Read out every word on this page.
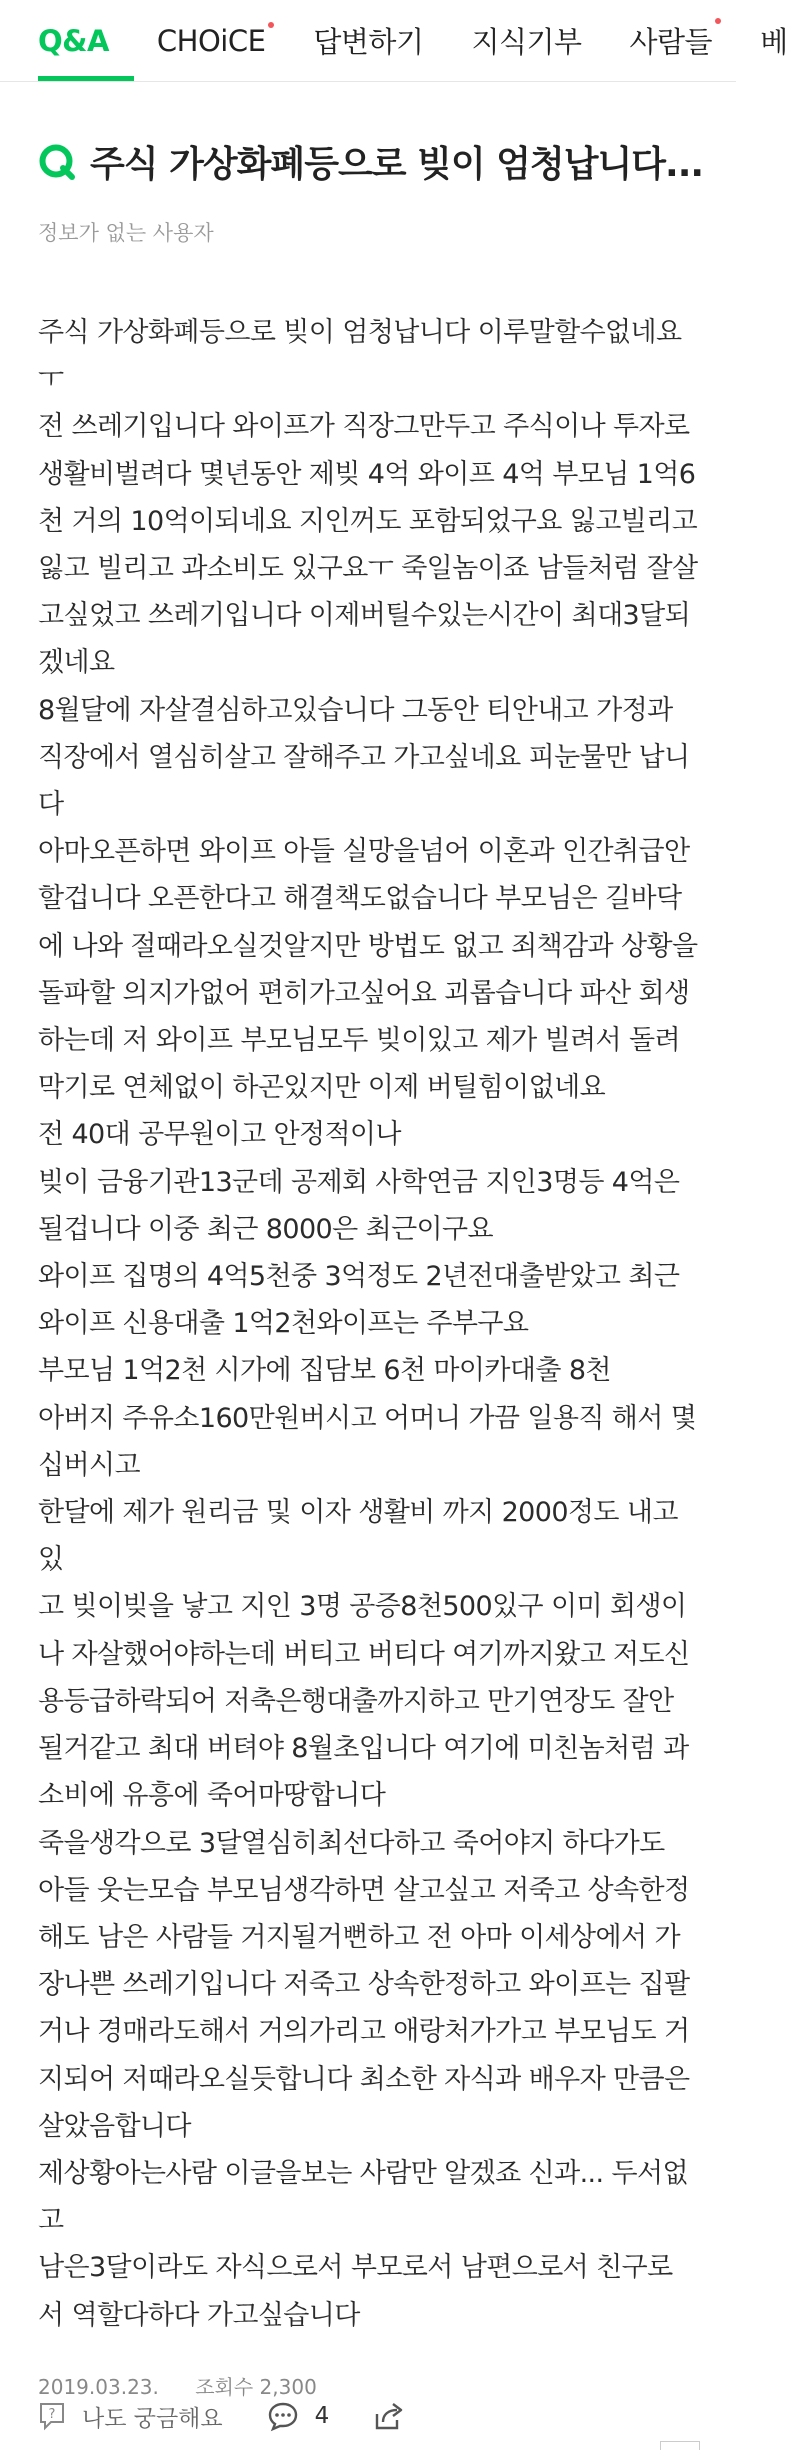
Q&A CHOiCE 답변하기 지식기부 사람들 베
주식 가상화폐등으로 빚이 엄청납니다...
정보가 없는 사용자

주식 가상화폐등으로 빚이 엄청납니다 이루말할수없네요

ㅜ

전 쓰레기입니다 와이프가 직장그만두고 주식이나 투자로

생활비벌려다 몇년동안 제빚 4억 와이프 4억 부모님 1억6

천 거의 10억이되네요 지인꺼도 포함되었구요 잃고빌리고

잃고 빌리고 과소비도 있구요ㅜ 죽일놈이죠 남들처럼 잘살

고싶었고 쓰레기입니다 이제버틸수있는시간이 최대3달되

겠네요

8월달에 자살결심하고있습니다 그동안 티안내고 가정과

직장에서 열심히살고 잘해주고 가고싶네요 피눈물만 납니

다

아마오픈하면 와이프 아들 실망을넘어 이혼과 인간취급안

할겁니다 오픈한다고 해결책도없습니다 부모님은 길바닥

에 나와 절때라오실것알지만 방법도 없고 죄책감과 상황을

돌파할 의지가없어 편히가고싶어요 괴롭습니다 파산 회생

하는데 저 와이프 부모님모두 빚이있고 제가 빌려서 돌려

막기로 연체없이 하곤있지만 이제 버틸힘이없네요

전 40대 공무원이고 안정적이나

빚이 금융기관13군데 공제회 사학연금 지인3명등 4억은

될겁니다 이중 최근 8000은 최근이구요

와이프 집명의 4억5천중 3억정도 2년전대출받았고 최근

와이프 신용대출 1억2천와이프는 주부구요

부모님 1억2천 시가에 집담보 6천 마이카대출 8천

아버지 주유소160만원버시고 어머니 가끔 일용직 해서 몇

십버시고

한달에 제가 원리금 및 이자 생활비 까지 2000정도 내고있

고 빚이빚을 낳고 지인 3명 공증8천500있구 이미 회생이

나 자살했어야하는데 버티고 버티다 여기까지왔고 저도신

용등급하락되어 저축은행대출까지하고 만기연장도 잘안

될거같고 최대 버텨야 8월초입니다 여기에 미친놈처럼 과

소비에 유흥에 죽어마땅합니다

죽을생각으로 3달열심히최선다하고 죽어야지 하다가도

아들 웃는모습 부모님생각하면 살고싶고 저죽고 상속한정

해도 남은 사람들 거지될거뻔하고 전 아마 이세상에서 가

장나쁜 쓰레기입니다 저죽고 상속한정하고 와이프는 집팔

거나 경매라도해서 거의가리고 애랑처가가고 부모님도 거

지되어 저때라오실듯합니다 최소한 자식과 배우자 만큼은

살았음합니다

제상황아는사람 이글을보는 사람만 알겠죠 신과... 두서없

고

남은3달이라도 자식으로서 부모로서 남편으로서 친구로

서 역할다하다 가고싶습니다

2019.03.23. 조회수 2,300
? 나도 궁금해요	4
